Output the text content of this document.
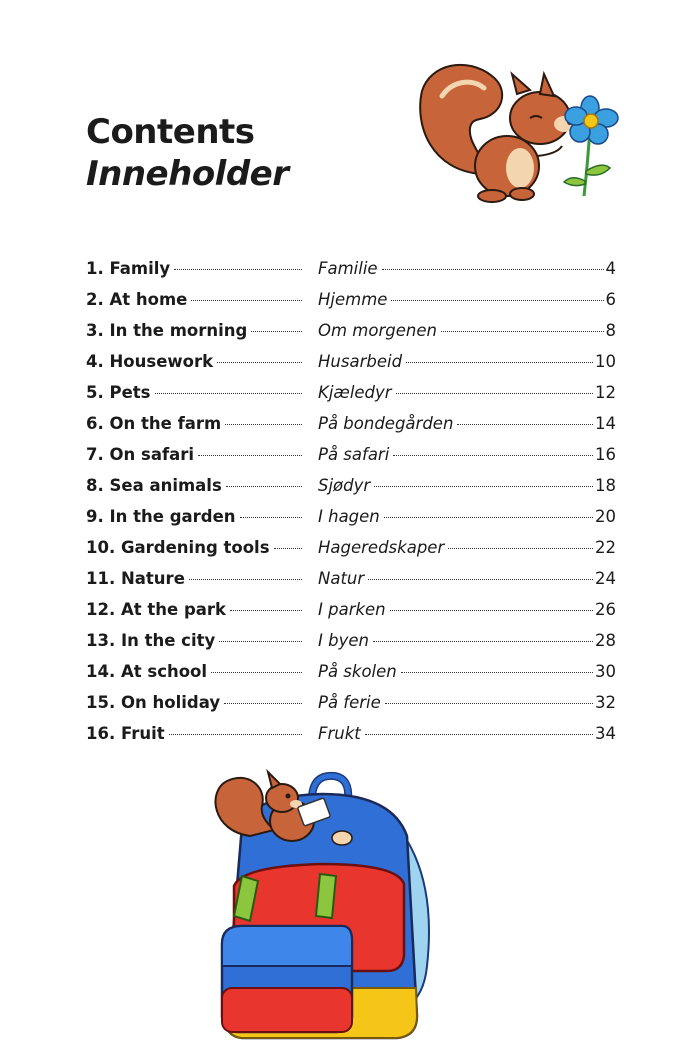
Contents
Inneholder
1. Family	Familie	4
2. At home	Hjemme	6
3. In the morning	Om morgenen	8
4. Housework	Husarbeid	10
5. Pets	Kjæledyr	12
6. On the farm	På bondegården	14
7. On safari	På safari	16
8. Sea animals	Sjødyr	18
9. In the garden	I hagen	20
10. Gardening tools	Hageredskaper	22
11. Nature	Natur	24
12. At the park	I parken	26
13. In the city	I byen	28
14. At school	På skolen	30
15. On holiday	På ferie	32
16. Fruit	Frukt	34
